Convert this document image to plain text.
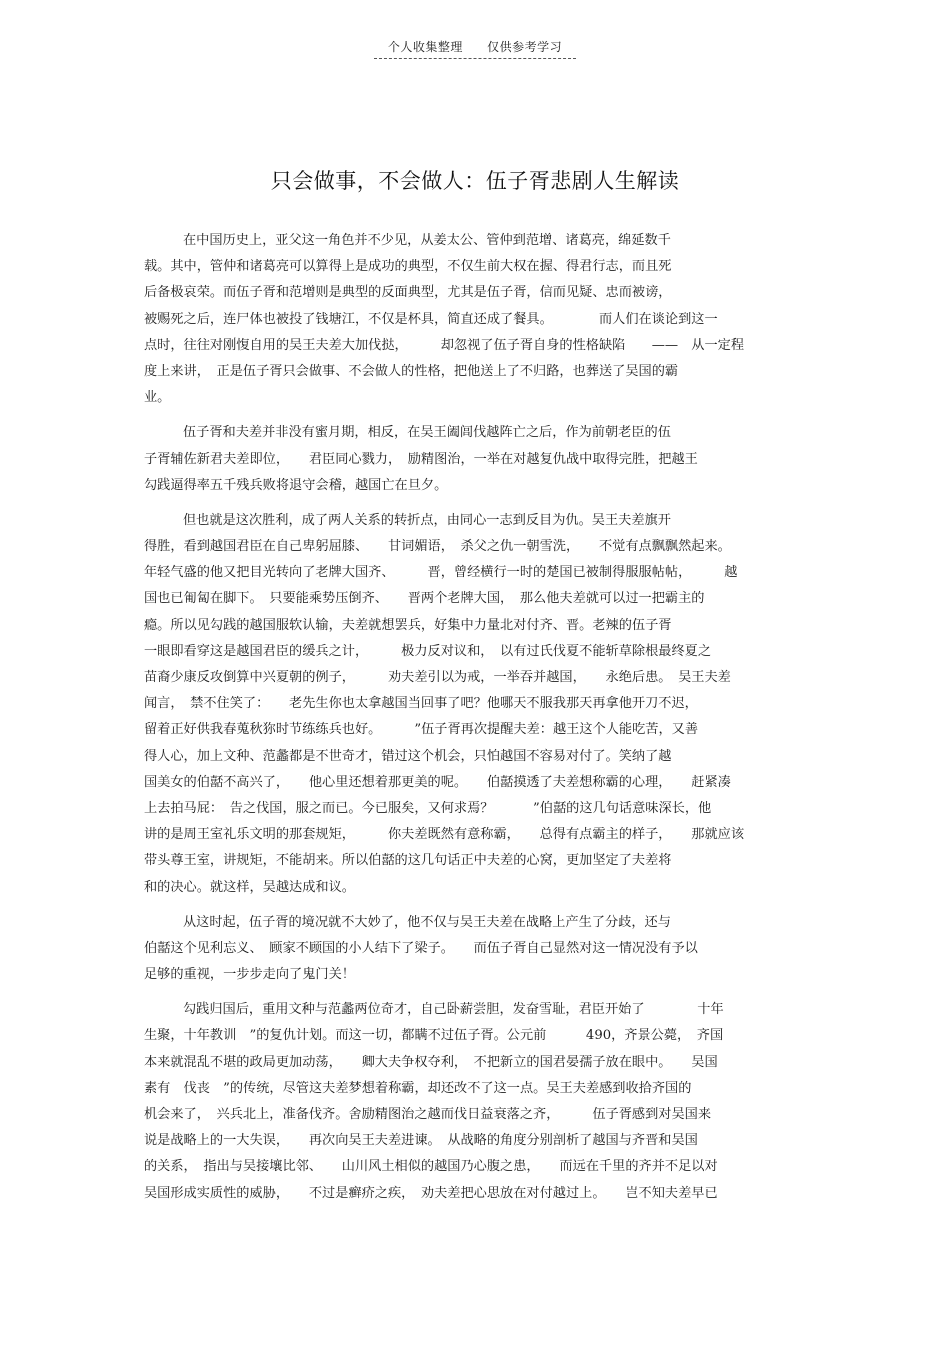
个人收集整理 仅供参考学习
只会做事，不会做人：伍子胥悲剧人生解读
在中国历史上，亚父这一角色并不少见，从姜太公、管仲到范增、诸葛亮，绵延数千
载。其中，管仲和诸葛亮可以算得上是成功的典型，不仅生前大权在握、得君行志，而且死
后备极哀荣。而伍子胥和范增则是典型的反面典型，尤其是伍子胥，信而见疑、忠而被谤，
被赐死之后，连尸体也被投了钱塘江，不仅是杯具，简直还成了餐具。　　　　而人们在谈论到这一
点时，往往对刚愎自用的吴王夫差大加伐挞，　　　却忽视了伍子胥自身的性格缺陷　　——　从一定程
度上来讲，　正是伍子胥只会做事、不会做人的性格，把他送上了不归路，也葬送了吴国的霸
业。
伍子胥和夫差并非没有蜜月期，相反，在吴王阖闾伐越阵亡之后，作为前朝老臣的伍
子胥辅佐新君夫差即位，　　君臣同心戮力，　励精图治，一举在对越复仇战中取得完胜，把越王
勾践逼得率五千残兵败将退守会稽，越国亡在旦夕。
但也就是这次胜利，成了两人关系的转折点，由同心一志到反目为仇。吴王夫差旗开
得胜，看到越国君臣在自己卑躬屈膝、　　甘词媚语，　杀父之仇一朝雪洗，　　不觉有点飘飘然起来。
年轻气盛的他又把目光转向了老牌大国齐、　　　晋，曾经横行一时的楚国已被制得服服帖帖，　　　越
国也已匍匐在脚下。　只要能乘势压倒齐、　　晋两个老牌大国，　那么他夫差就可以过一把霸主的
瘾。所以见勾践的越国服软认输，夫差就想罢兵，好集中力量北对付齐、晋。老辣的伍子胥
一眼即看穿这是越国君臣的缓兵之计，　　　极力反对议和，　以有过氏伐夏不能斩草除根最终夏之
苗裔少康反攻倒算中兴夏朝的例子，　　　劝夫差引以为戒，一举吞并越国，　　永绝后患。　吴王夫差
闻言，　禁不住笑了：　　老先生你也太拿越国当回事了吧？他哪天不服我那天再拿他开刀不迟，
留着正好供我春蒐秋狝时节练练兵也好。　　　”伍子胥再次提醒夫差：越王这个人能吃苦，又善
得人心，加上文种、范蠡都是不世奇才，错过这个机会，只怕越国不容易对付了。笑纳了越
国美女的伯嚭不高兴了，　　他心里还想着那更美的呢。　　伯嚭摸透了夫差想称霸的心理，　　赶紧凑
上去拍马屁：　告之伐国，服之而已。今已服矣，又何求焉？　　　”伯嚭的这几句话意味深长，他
讲的是周王室礼乐文明的那套规矩，　　　你夫差既然有意称霸，　　总得有点霸主的样子，　　那就应该
带头尊王室，讲规矩，不能胡来。所以伯嚭的这几句话正中夫差的心窝，更加坚定了夫差将
和的决心。就这样，吴越达成和议。
从这时起，伍子胥的境况就不大妙了，他不仅与吴王夫差在战略上产生了分歧，还与
伯嚭这个见利忘义、　顾家不顾国的小人结下了梁子。　　而伍子胥自己显然对这一情况没有予以
足够的重视，一步步走向了鬼门关！
勾践归国后，重用文种与范蠡两位奇才，自己卧薪尝胆，发奋雪耻，君臣开始了　　　　十年
生聚，十年教训　”的复仇计划。而这一切，都瞒不过伍子胥。公元前　　　490，齐景公薨，　齐国
本来就混乱不堪的政局更加动荡，　　卿大夫争权夺利，　不把新立的国君晏孺子放在眼中。　　吴国
素有　伐丧　”的传统，尽管这夫差梦想着称霸，却还改不了这一点。吴王夫差感到收拾齐国的
机会来了，　兴兵北上，准备伐齐。舍励精图治之越而伐日益衰落之齐，　　　伍子胥感到对吴国来
说是战略上的一大失误，　　再次向吴王夫差进谏。　从战略的角度分别剖析了越国与齐晋和吴国
的关系，　指出与吴接壤比邻、　　山川风土相似的越国乃心腹之患，　　而远在千里的齐并不足以对
吴国形成实质性的威胁，　　不过是癣疥之疾，　劝夫差把心思放在对付越过上。　　岂不知夫差早已
